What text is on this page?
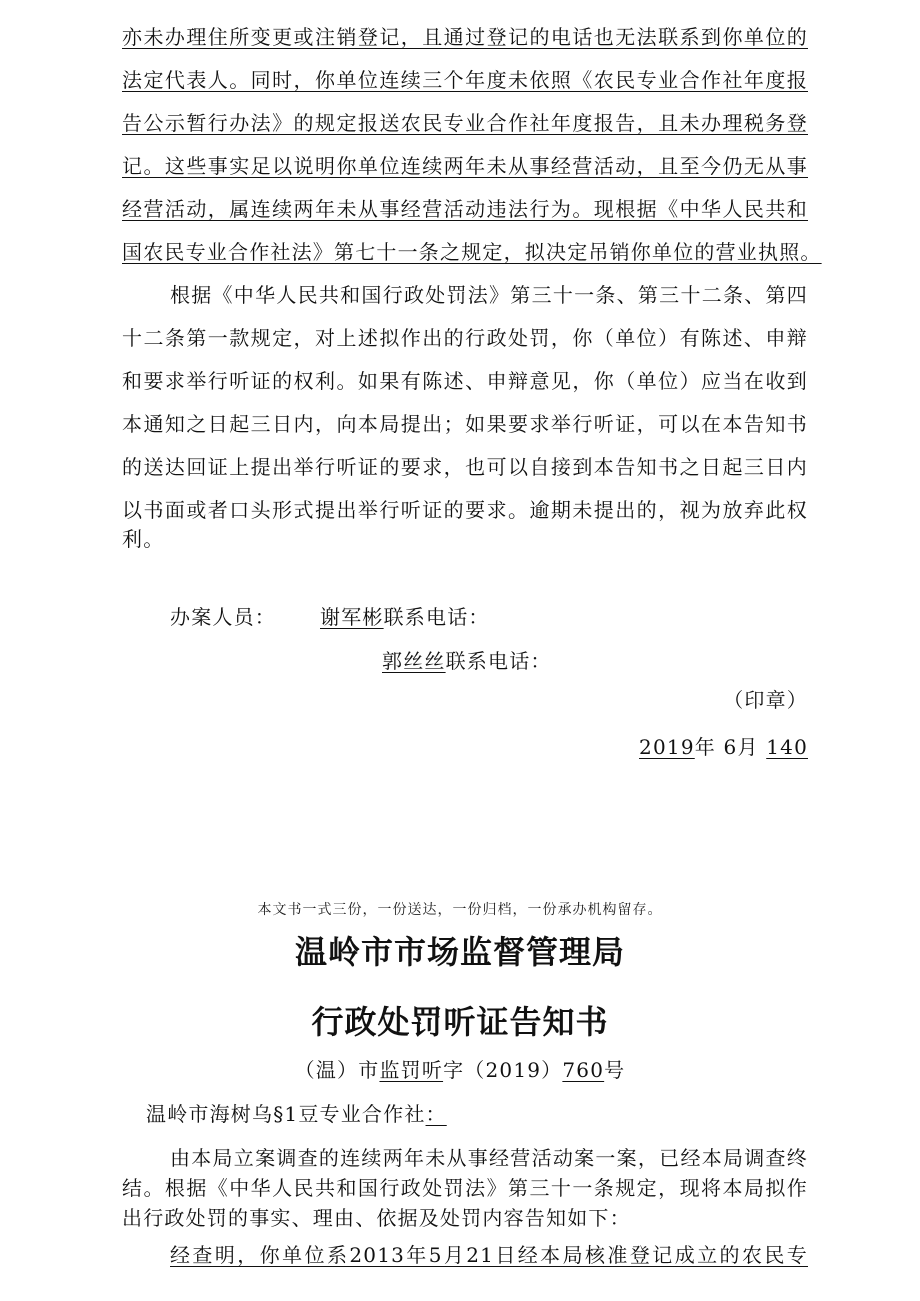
亦未办理住所变更或注销登记，且通过登记的电话也无法联系到你单位的
法定代表人。同时，你单位连续三个年度未依照《农民专业合作社年度报
告公示暂行办法》的规定报送农民专业合作社年度报告，且未办理税务登
记。这些事实足以说明你单位连续两年未从事经营活动，且至今仍无从事
经营活动，属连续两年未从事经营活动违法行为。现根据《中华人民共和
国农民专业合作社法》第七十一条之规定，拟决定吊销你单位的营业执照。
根据《中华人民共和国行政处罚法》第三十一条、第三十二条、第四
十二条第一款规定，对上述拟作出的行政处罚，你（单位）有陈述、申辩
和要求举行听证的权利。如果有陈述、申辩意见，你（单位）应当在收到
本通知之日起三日内，向本局提出；如果要求举行听证，可以在本告知书
的送达回证上提出举行听证的要求，也可以自接到本告知书之日起三日内
以书面或者口头形式提出举行听证的要求。逾期未提出的，视为放弃此权
利。
办案人员： 谢军彬联系电话：
郭丝丝联系电话：
（印章）
2019年 6月 140
本文书一式三份，一份送达，一份归档，一份承办机构留存。
温岭市市场监督管理局
行政处罚听证告知书
（温）市监罚听字（2019）760号
温岭市海树乌§1豆专业合作社：
由本局立案调查的连续两年未从事经营活动案一案，已经本局调查终
结。根据《中华人民共和国行政处罚法》第三十一条规定，现将本局拟作
出行政处罚的事实、理由、依据及处罚内容告知如下：
经查明，你单位系2013年5月21日经本局核准登记成立的农民专
